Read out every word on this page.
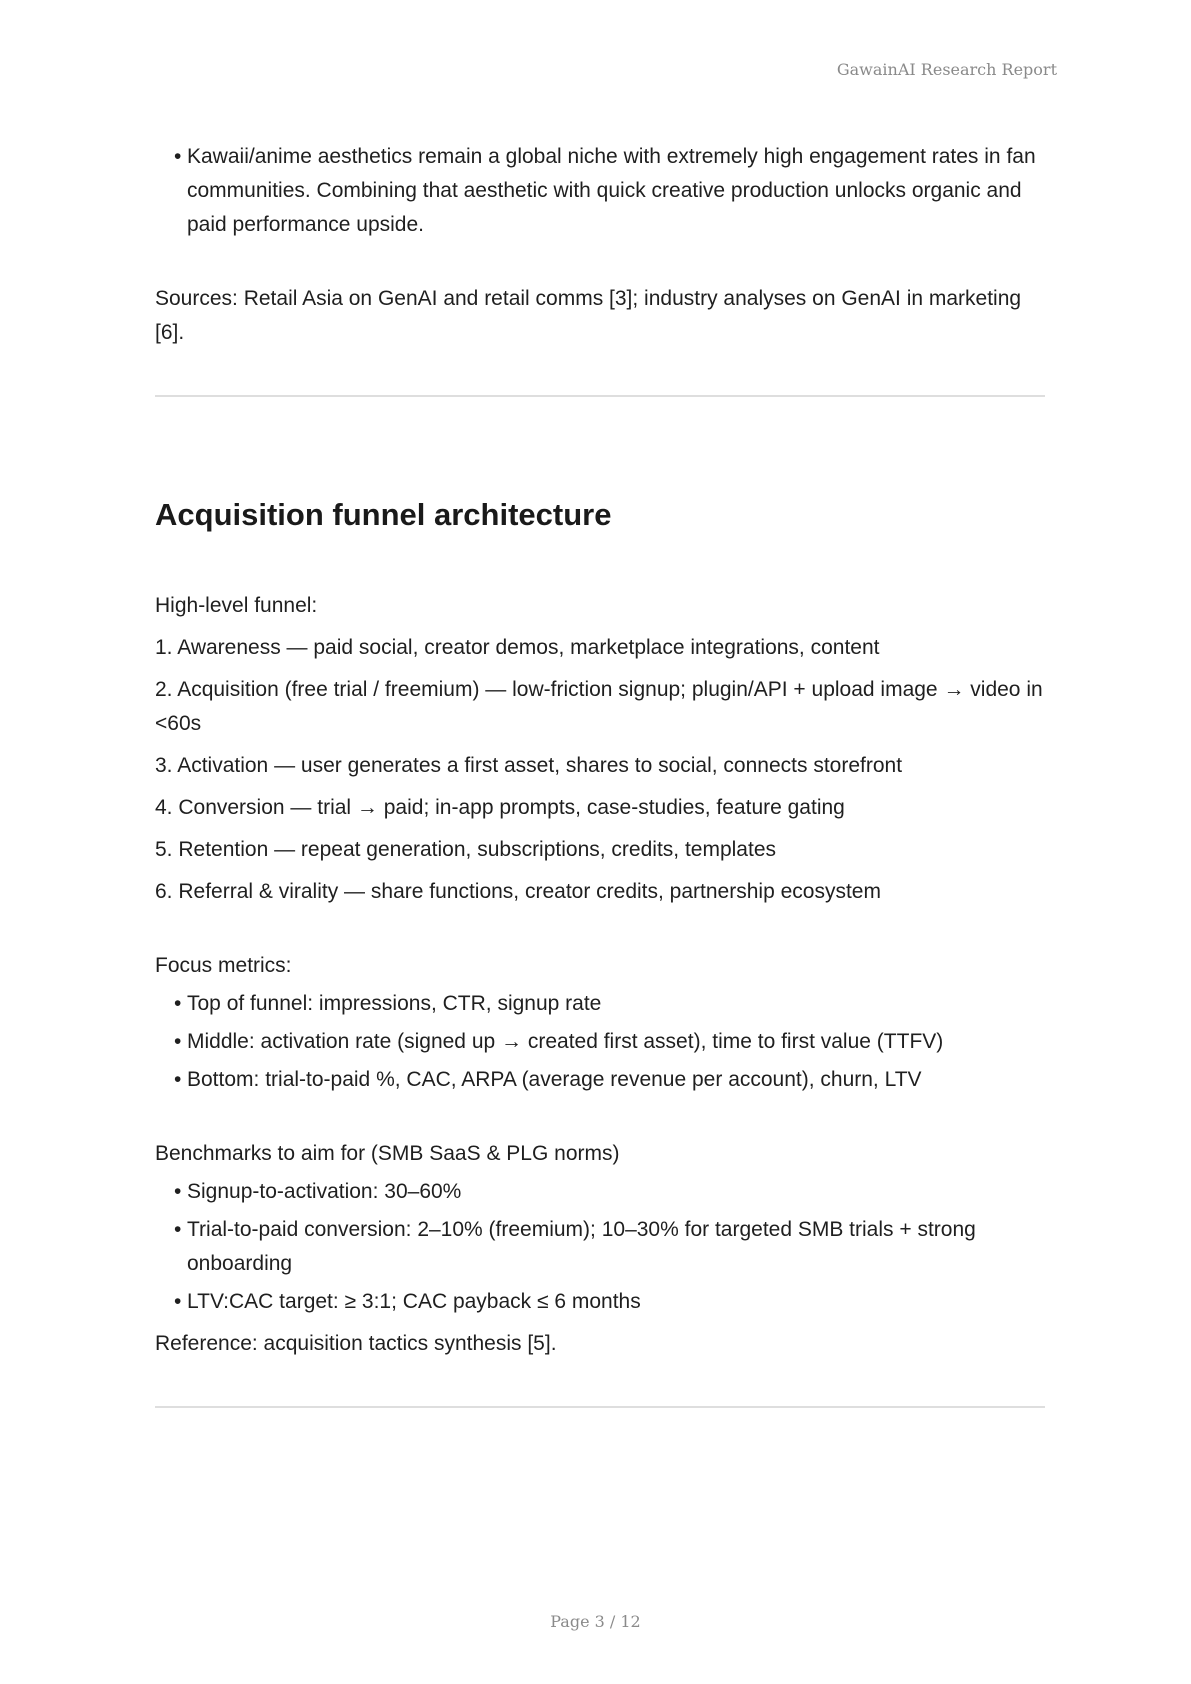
GawainAI Research Report
• Kawaii/anime aesthetics remain a global niche with extremely high engagement rates in fan communities. Combining that aesthetic with quick creative production unlocks organic and paid performance upside.

Sources: Retail Asia on GenAI and retail comms [3]; industry analyses on GenAI in marketing [6].

Acquisition funnel architecture

High-level funnel:

1. Awareness — paid social, creator demos, marketplace integrations, content

2. Acquisition (free trial / freemium) — low-friction signup; plugin/API + upload image → video in <60s

3. Activation — user generates a first asset, shares to social, connects storefront

4. Conversion — trial → paid; in-app prompts, case-studies, feature gating

5. Retention — repeat generation, subscriptions, credits, templates

6. Referral & virality — share functions, creator credits, partnership ecosystem

Focus metrics:

• Top of funnel: impressions, CTR, signup rate
• Middle: activation rate (signed up → created first asset), time to first value (TTFV)
• Bottom: trial-to-paid %, CAC, ARPA (average revenue per account), churn, LTV

Benchmarks to aim for (SMB SaaS & PLG norms)

• Signup-to-activation: 30–60%
• Trial-to-paid conversion: 2–10% (freemium); 10–30% for targeted SMB trials + strong onboarding
• LTV:CAC target: ≥ 3:1; CAC payback ≤ 6 months

Reference: acquisition tactics synthesis [5].

Page 3 / 12
